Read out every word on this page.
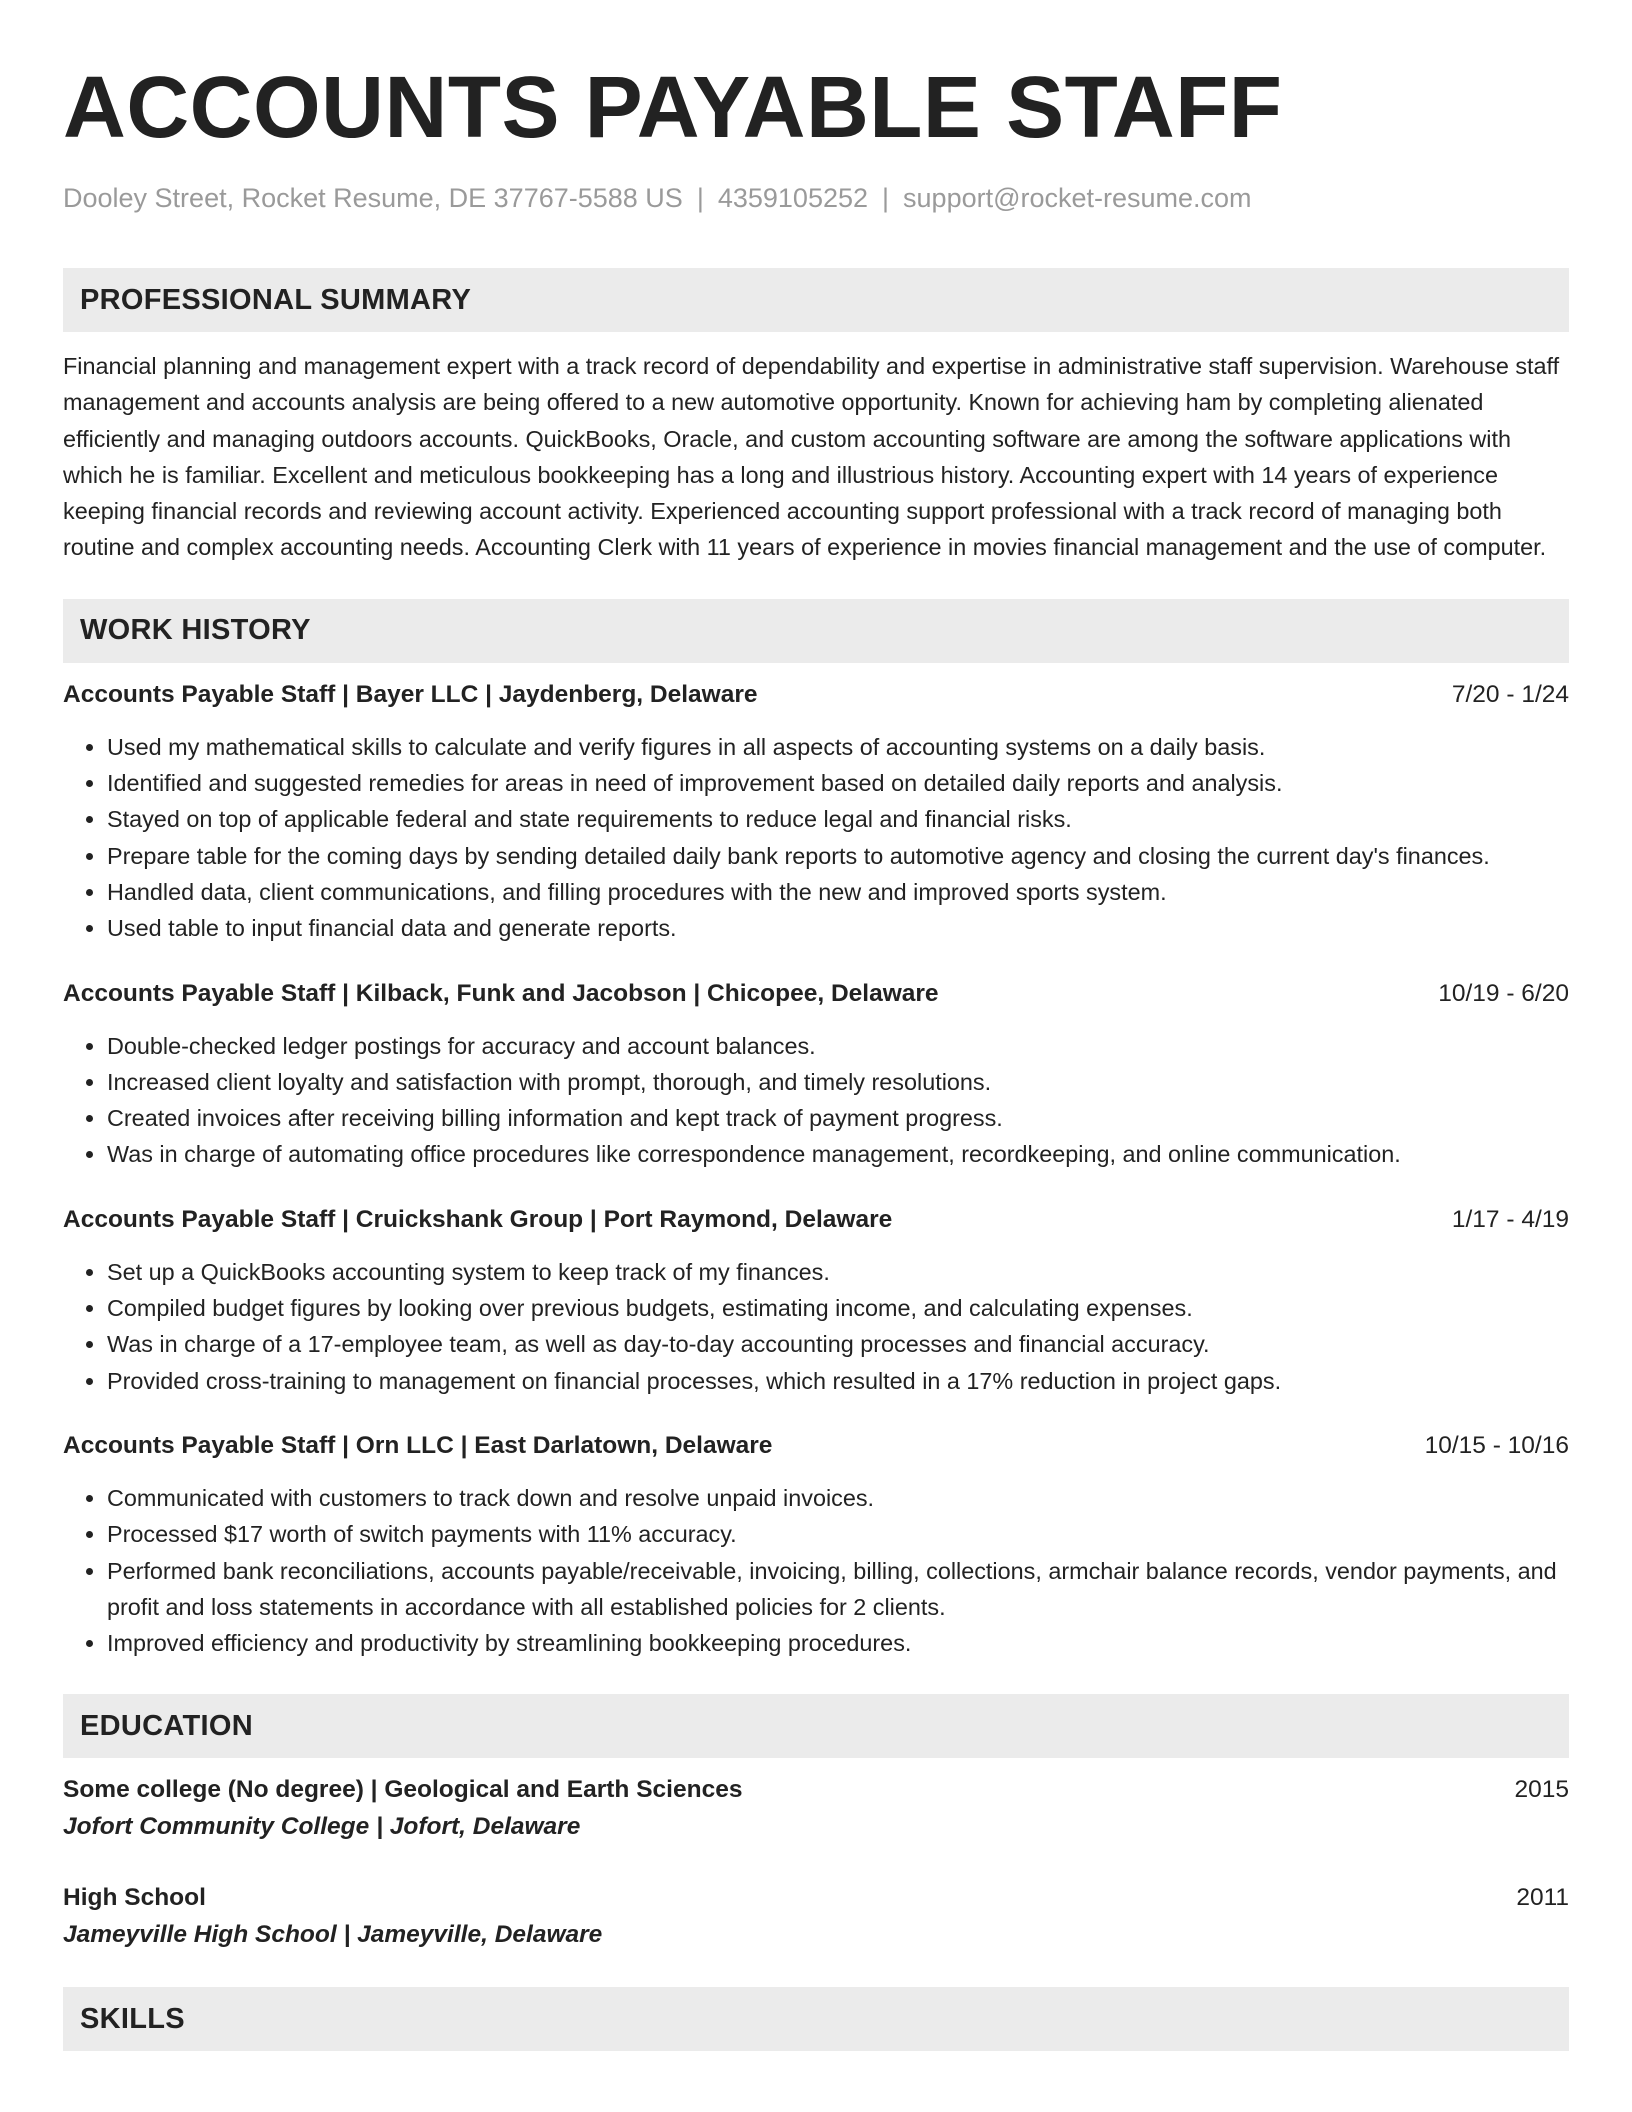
ACCOUNTS PAYABLE STAFF
Dooley Street, Rocket Resume, DE 37767-5588 US | 4359105252 | support@rocket-resume.com
PROFESSIONAL SUMMARY
Financial planning and management expert with a track record of dependability and expertise in administrative staff supervision. Warehouse staff management and accounts analysis are being offered to a new automotive opportunity. Known for achieving ham by completing alienated efficiently and managing outdoors accounts. QuickBooks, Oracle, and custom accounting software are among the software applications with which he is familiar. Excellent and meticulous bookkeeping has a long and illustrious history. Accounting expert with 14 years of experience keeping financial records and reviewing account activity. Experienced accounting support professional with a track record of managing both routine and complex accounting needs. Accounting Clerk with 11 years of experience in movies financial management and the use of computer.
WORK HISTORY
Accounts Payable Staff | Bayer LLC | Jaydenberg, Delaware	7/20 - 1/24
• Used my mathematical skills to calculate and verify figures in all aspects of accounting systems on a daily basis.
• Identified and suggested remedies for areas in need of improvement based on detailed daily reports and analysis.
• Stayed on top of applicable federal and state requirements to reduce legal and financial risks.
• Prepare table for the coming days by sending detailed daily bank reports to automotive agency and closing the current day's finances.
• Handled data, client communications, and filling procedures with the new and improved sports system.
• Used table to input financial data and generate reports.
Accounts Payable Staff | Kilback, Funk and Jacobson | Chicopee, Delaware	10/19 - 6/20
• Double-checked ledger postings for accuracy and account balances.
• Increased client loyalty and satisfaction with prompt, thorough, and timely resolutions.
• Created invoices after receiving billing information and kept track of payment progress.
• Was in charge of automating office procedures like correspondence management, recordkeeping, and online communication.
Accounts Payable Staff | Cruickshank Group | Port Raymond, Delaware	1/17 - 4/19
• Set up a QuickBooks accounting system to keep track of my finances.
• Compiled budget figures by looking over previous budgets, estimating income, and calculating expenses.
• Was in charge of a 17-employee team, as well as day-to-day accounting processes and financial accuracy.
• Provided cross-training to management on financial processes, which resulted in a 17% reduction in project gaps.
Accounts Payable Staff | Orn LLC | East Darlatown, Delaware	10/15 - 10/16
• Communicated with customers to track down and resolve unpaid invoices.
• Processed $17 worth of switch payments with 11% accuracy.
• Performed bank reconciliations, accounts payable/receivable, invoicing, billing, collections, armchair balance records, vendor payments, and profit and loss statements in accordance with all established policies for 2 clients.
• Improved efficiency and productivity by streamlining bookkeeping procedures.
EDUCATION
Some college (No degree) | Geological and Earth Sciences	2015
Jofort Community College | Jofort, Delaware
High School	2011
Jameyville High School | Jameyville, Delaware
SKILLS
